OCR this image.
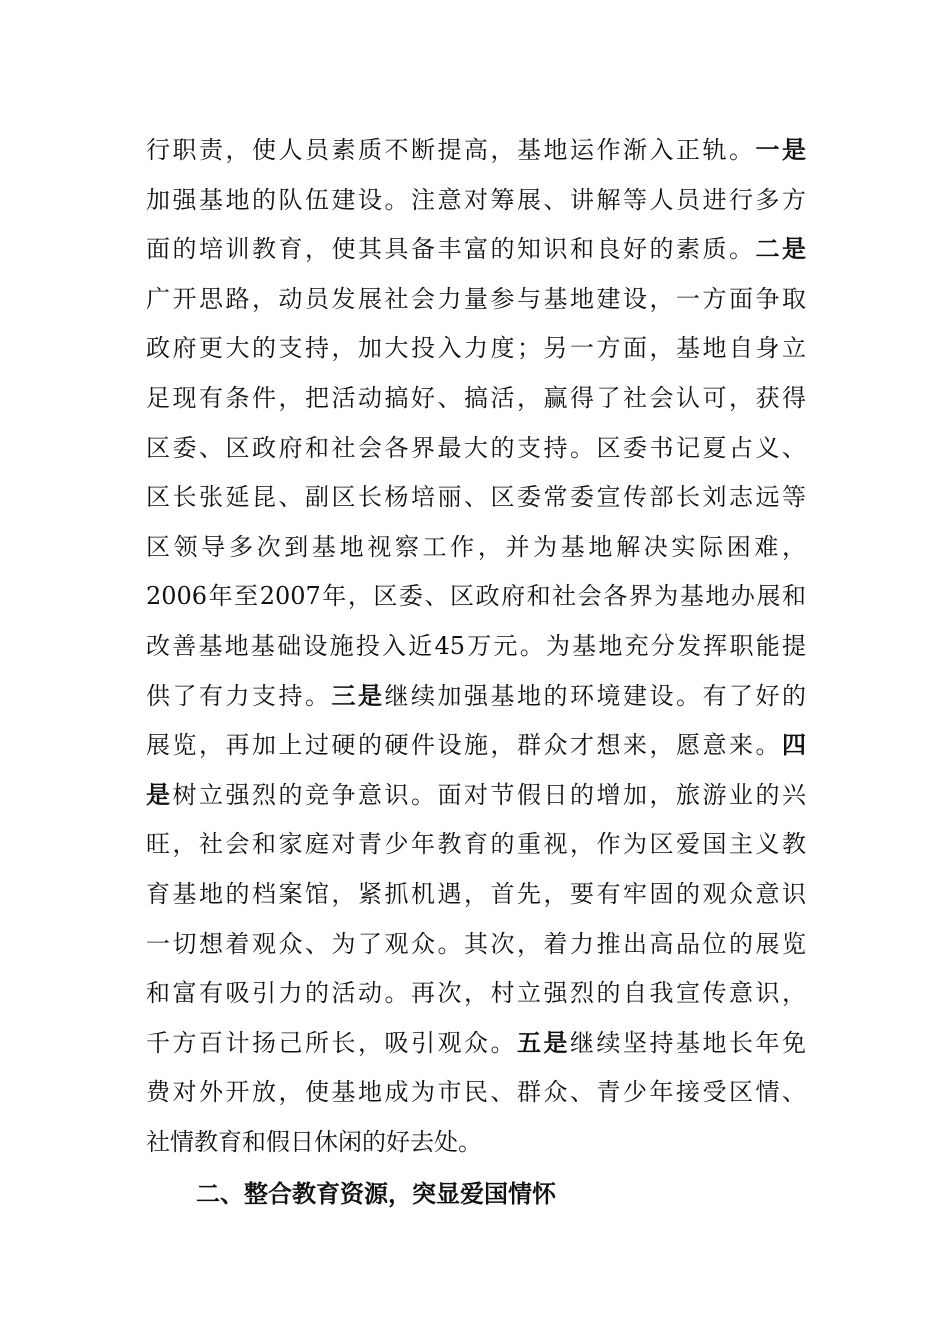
行职责，使人员素质不断提高，基地运作渐入正轨。一是
加强基地的队伍建设。注意对筹展、讲解等人员进行多方
面的培训教育，使其具备丰富的知识和良好的素质。二是
广开思路，动员发展社会力量参与基地建设，一方面争取
政府更大的支持，加大投入力度；另一方面，基地自身立
足现有条件，把活动搞好、搞活，赢得了社会认可，获得
区委、区政府和社会各界最大的支持。区委书记夏占义、
区长张延昆、副区长杨培丽、区委常委宣传部长刘志远等
区领导多次到基地视察工作，并为基地解决实际困难，
2006年至2007年，区委、区政府和社会各界为基地办展和
改善基地基础设施投入近45万元。为基地充分发挥职能提
供了有力支持。三是继续加强基地的环境建设。有了好的
展览，再加上过硬的硬件设施，群众才想来，愿意来。四
是树立强烈的竞争意识。面对节假日的增加，旅游业的兴
旺，社会和家庭对青少年教育的重视，作为区爱国主义教
育基地的档案馆，紧抓机遇，首先，要有牢固的观众意识
一切想着观众、为了观众。其次，着力推出高品位的展览
和富有吸引力的活动。再次，村立强烈的自我宣传意识，
千方百计扬己所长，吸引观众。五是继续坚持基地长年免
费对外开放，使基地成为市民、群众、青少年接受区情、
社情教育和假日休闲的好去处。
二、整合教育资源，突显爱国情怀
